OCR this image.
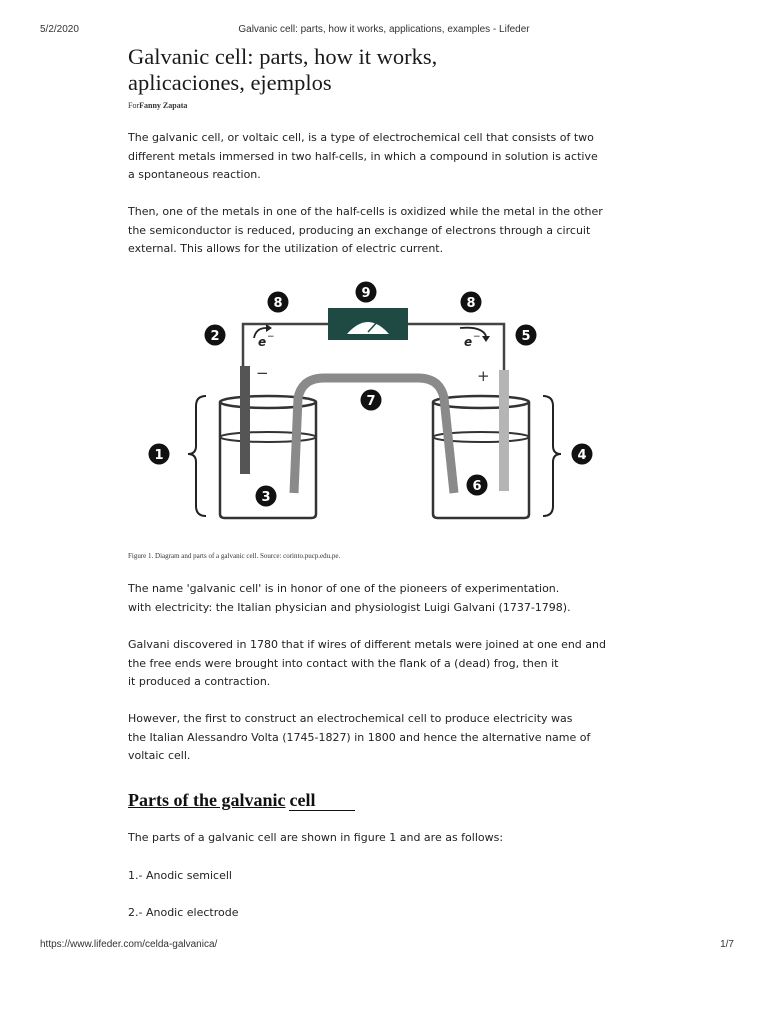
5/2/2020	Galvanic cell: parts, how it works, applications, examples - Lifeder
Galvanic cell: parts, how it works,
aplicaciones, ejemplos
ForFanny Zapata

The galvanic cell, or voltaic cell, is a type of electrochemical cell that consists of two
different metals immersed in two half-cells, in which a compound in solution is active
a spontaneous reaction.

Then, one of the metals in one of the half-cells is oxidized while the metal in the other
the semiconductor is reduced, producing an exchange of electrons through a circuit
external. This allows for the utilization of electric current.

e −	e −
−	+
8
9
8
2	5
7
1	4
3
6
Figure 1. Diagram and parts of a galvanic cell. Source: corinto.pucp.edu.pe.

The name 'galvanic cell' is in honor of one of the pioneers of experimentation.
with electricity: the Italian physician and physiologist Luigi Galvani (1737-1798).

Galvani discovered in 1780 that if wires of different metals were joined at one end and
the free ends were brought into contact with the flank of a (dead) frog, then it
it produced a contraction.

However, the first to construct an electrochemical cell to produce electricity was
the Italian Alessandro Volta (1745-1827) in 1800 and hence the alternative name of
voltaic cell.

Parts of the galvanic cell

The parts of a galvanic cell are shown in figure 1 and are as follows:

1.- Anodic semicell

2.- Anodic electrode

https://www.lifeder.com/celda-galvanica/	1/7
